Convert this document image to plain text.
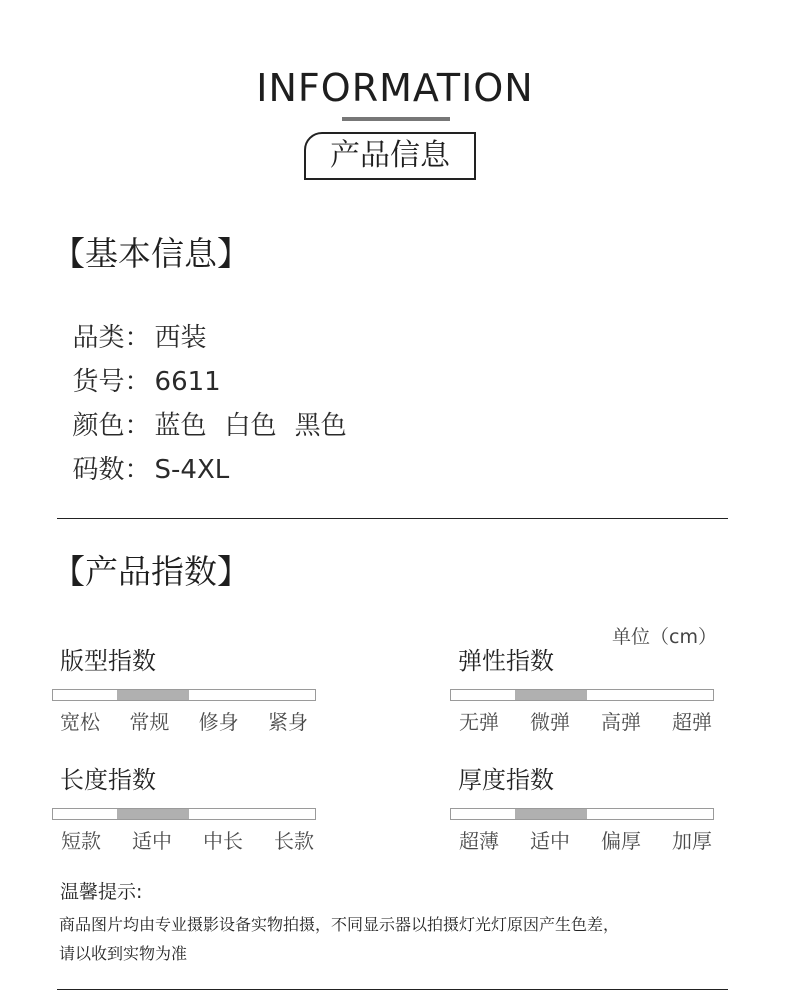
INFORMATION
产品信息
【基本信息】

品类： 西装

货号： 6611

颜色： 蓝色 白色 黑色

码数： S-4XL

【产品指数】
单位（cm）
版型指数
宽松 常规 修身 紧身
弹性指数
无弹 微弹 高弹 超弹
长度指数
短款 适中 中长 长款
厚度指数
超薄 适中 偏厚 加厚
温馨提示:
商品图片均由专业摄影设备实物拍摄，不同显示器以拍摄灯光灯原因产生色差，
请以收到实物为准
